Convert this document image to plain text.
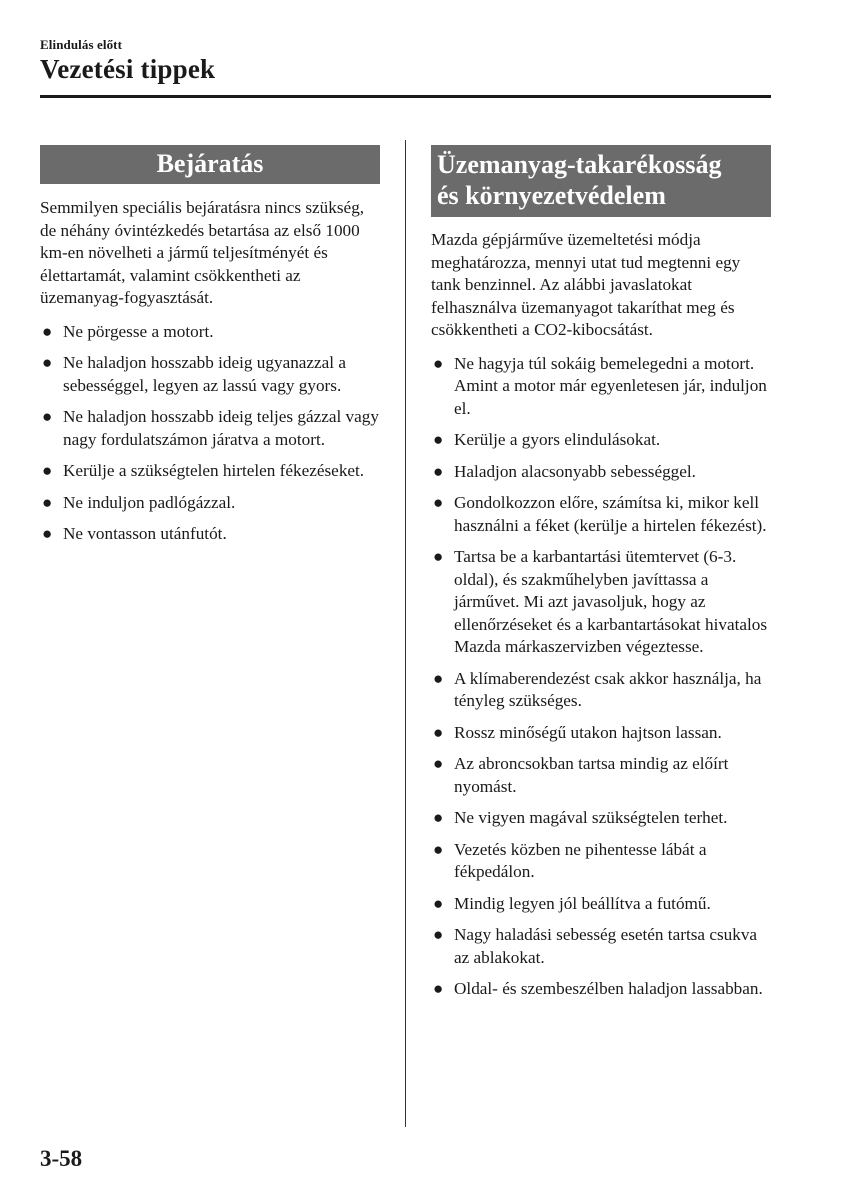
Elindulás előtt
Vezetési tippek
Bejáratás

Semmilyen speciális bejáratásra nincs szükség, de néhány óvintézkedés betartása az első 1000 km-en növelheti a jármű teljesítményét és élettartamát, valamint csökkentheti az üzemanyag-fogyasztását.

● Ne pörgesse a motort.
● Ne haladjon hosszabb ideig ugyanazzal a sebességgel, legyen az lassú vagy gyors.
● Ne haladjon hosszabb ideig teljes gázzal vagy nagy fordulatszámon járatva a motort.
● Kerülje a szükségtelen hirtelen fékezéseket.
● Ne induljon padlógázzal.
● Ne vontasson utánfutót.
Üzemanyag-takarékosság
és környezetvédelem

Mazda gépjárműve üzemeltetési módja meghatározza, mennyi utat tud megtenni egy tank benzinnel. Az alábbi javaslatokat felhasználva üzemanyagot takaríthat meg és csökkentheti a CO2-kibocsátást.

● Ne hagyja túl sokáig bemelegedni a motort. Amint a motor már egyenletesen jár, induljon el.
● Kerülje a gyors elindulásokat.
● Haladjon alacsonyabb sebességgel.
● Gondolkozzon előre, számítsa ki, mikor kell használni a féket (kerülje a hirtelen fékezést).
● Tartsa be a karbantartási ütemtervet (6-3. oldal), és szakműhelyben javíttassa a járművet. Mi azt javasoljuk, hogy az ellenőrzéseket és a karbantartásokat hivatalos Mazda márkaszervizben végeztesse.
● A klímaberendezést csak akkor használja, ha tényleg szükséges.
● Rossz minőségű utakon hajtson lassan.
● Az abroncsokban tartsa mindig az előírt nyomást.
● Ne vigyen magával szükségtelen terhet.
● Vezetés közben ne pihentesse lábát a fékpedálon.
● Mindig legyen jól beállítva a futómű.
● Nagy haladási sebesség esetén tartsa csukva az ablakokat.
● Oldal- és szembeszélben haladjon lassabban.
3-58
